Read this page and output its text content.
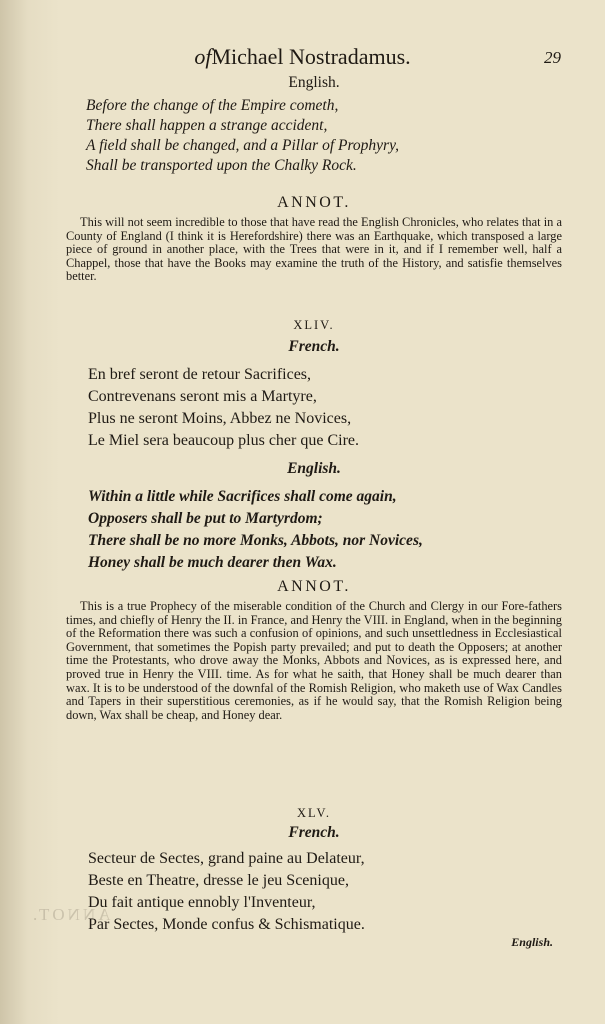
ANNOT.
ofMichael Nostradamus.	29
English.
Before the change of the Empire cometh,
There shall happen a strange accident,
A field shall be changed, and a Pillar of Prophyry,
Shall be transported upon the Chalky Rock.
ANNOT.

This will not seem incredible to those that have read the English Chronicles, who relates that in a County of England (I think it is Herefordshire) there was an Earthquake, which transposed a large piece of ground in another place, with the Trees that were in it, and if I remember well, half a Chappel, those that have the Books may examine the truth of the History, and satisfie themselves better.

XLIV.
French.
En bref seront de retour Sacrifices,
Contrevenans seront mis a Martyre,
Plus ne seront Moins, Abbez ne Novices,
Le Miel sera beaucoup plus cher que Cire.
English.
Within a little while Sacrifices shall come again,
Opposers shall be put to Martyrdom;
There shall be no more Monks, Abbots, nor Novices,
Honey shall be much dearer then Wax.
ANNOT.

This is a true Prophecy of the miserable condition of the Church and Clergy in our Fore-fathers times, and chiefly of Henry the II. in France, and Henry the VIII. in England, when in the beginning of the Reformation there was such a confusion of opinions, and such unsettledness in Ecclesiastical Government, that sometimes the Popish party prevailed; and put to death the Opposers; at another time the Protestants, who drove away the Monks, Abbots and Novices, as is expressed here, and proved true in Henry the VIII. time. As for what he saith, that Honey shall be much dearer than wax. It is to be understood of the downfal of the Romish Religion, who maketh use of Wax Candles and Tapers in their superstitious ceremonies, as if he would say, that the Romish Religion being down, Wax shall be cheap, and Honey dear.

XLV.
French.
Secteur de Sectes, grand paine au Delateur,
Beste en Theatre, dresse le jeu Scenique,
Du fait antique ennobly l'Inventeur,
Par Sectes, Monde confus & Schismatique.
English.
